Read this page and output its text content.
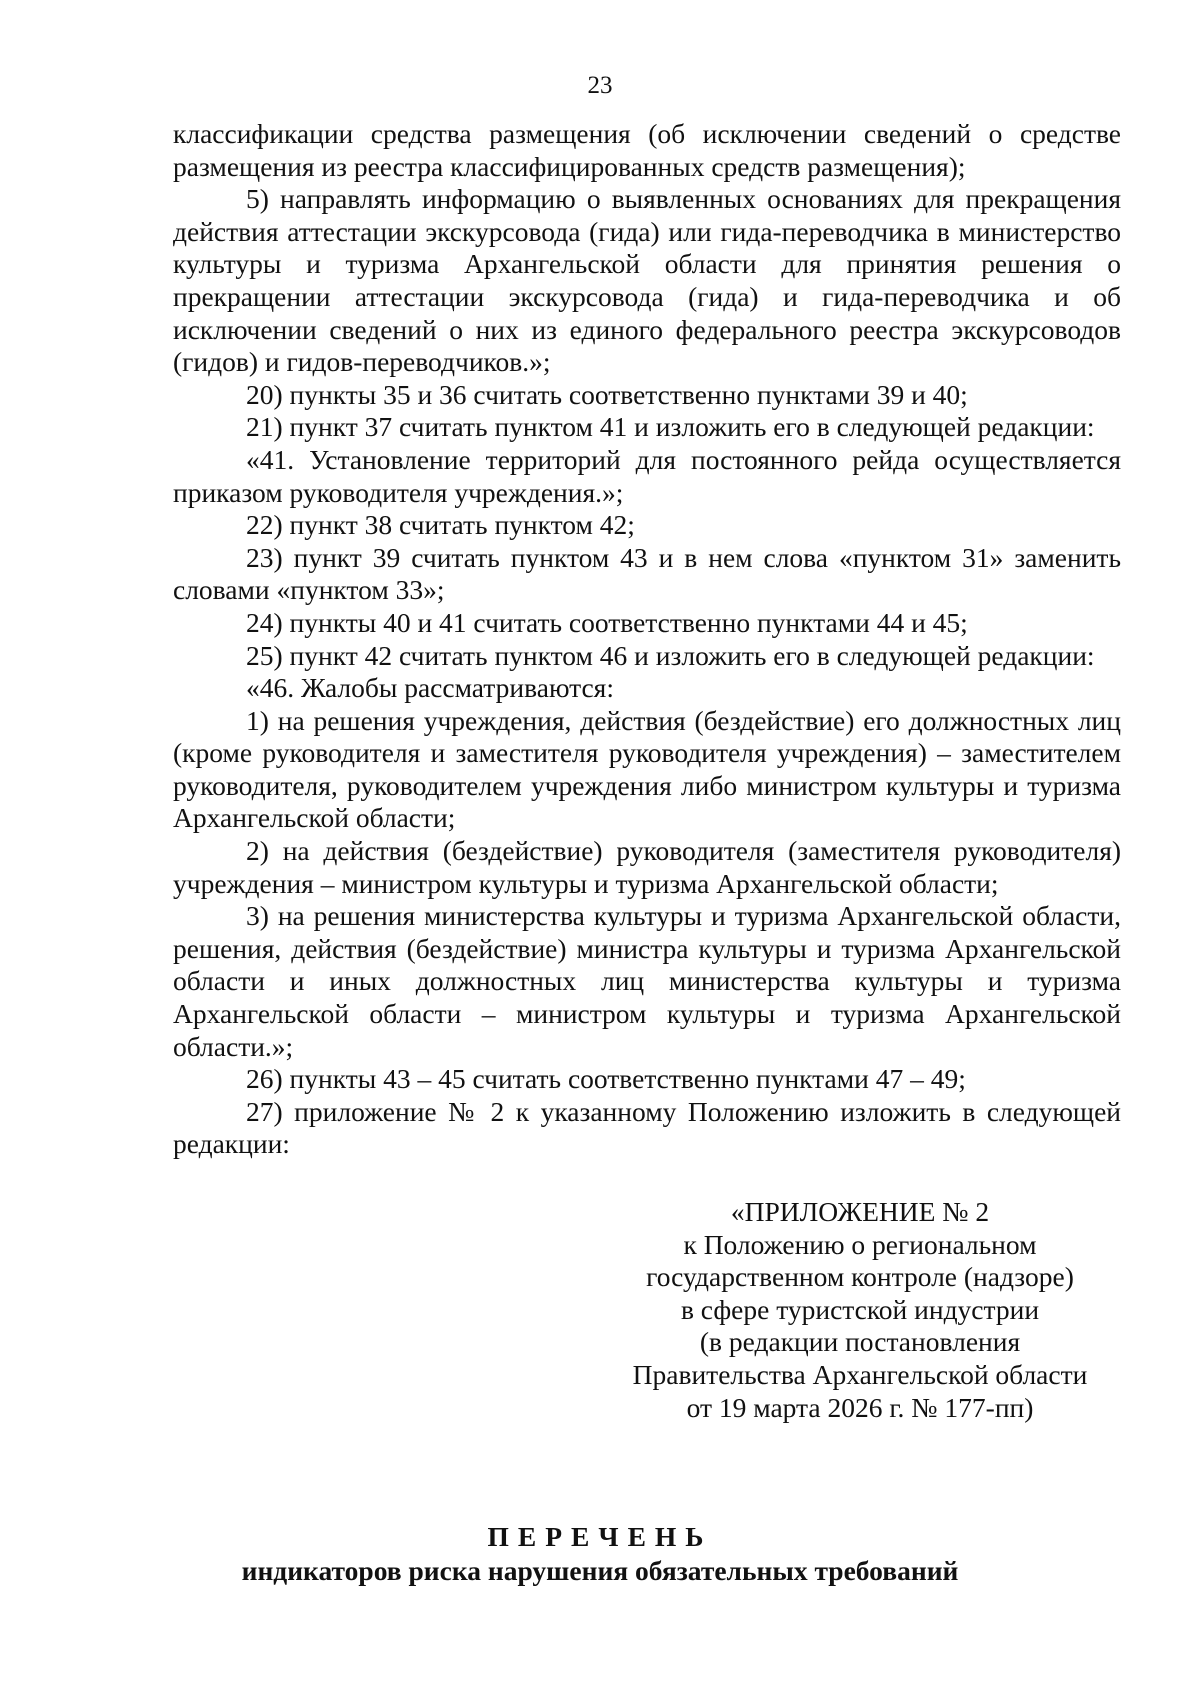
23

классификации средства размещения (об исключении сведений о средстве размещения из реестра классифицированных средств размещения);

5) направлять информацию о выявленных основаниях для прекращения действия аттестации экскурсовода (гида) или гида-переводчика в министерство культуры и туризма Архангельской области для принятия решения о прекращении аттестации экскурсовода (гида) и гида-переводчика и об исключении сведений о них из единого федерального реестра экскурсоводов (гидов) и гидов-переводчиков.»;

20) пункты 35 и 36 считать соответственно пунктами 39 и 40;

21) пункт 37 считать пунктом 41 и изложить его в следующей редакции:

«41. Установление территорий для постоянного рейда осуществляется приказом руководителя учреждения.»;

22) пункт 38 считать пунктом 42;

23) пункт 39 считать пунктом 43 и в нем слова «пунктом 31» заменить словами «пунктом 33»;

24) пункты 40 и 41 считать соответственно пунктами 44 и 45;

25) пункт 42 считать пунктом 46 и изложить его в следующей редакции:

«46. Жалобы рассматриваются:

1) на решения учреждения, действия (бездействие) его должностных лиц (кроме руководителя и заместителя руководителя учреждения) – заместителем руководителя, руководителем учреждения либо министром культуры и туризма Архангельской области;

2) на действия (бездействие) руководителя (заместителя руководителя) учреждения – министром культуры и туризма Архангельской области;

3) на решения министерства культуры и туризма Архангельской области, решения, действия (бездействие) министра культуры и туризма Архангельской области и иных должностных лиц министерства культуры и туризма Архангельской области – министром культуры и туризма Архангельской области.»;

26) пункты 43 – 45 считать соответственно пунктами 47 – 49;

27) приложение № 2 к указанному Положению изложить в следующей редакции:

«ПРИЛОЖЕНИЕ № 2
к Положению о региональном
государственном контроле (надзоре)
в сфере туристской индустрии
(в редакции постановления
Правительства Архангельской области
от 19 марта 2026 г. № 177-пп)
ПЕРЕЧЕНЬ
индикаторов риска нарушения обязательных требований
